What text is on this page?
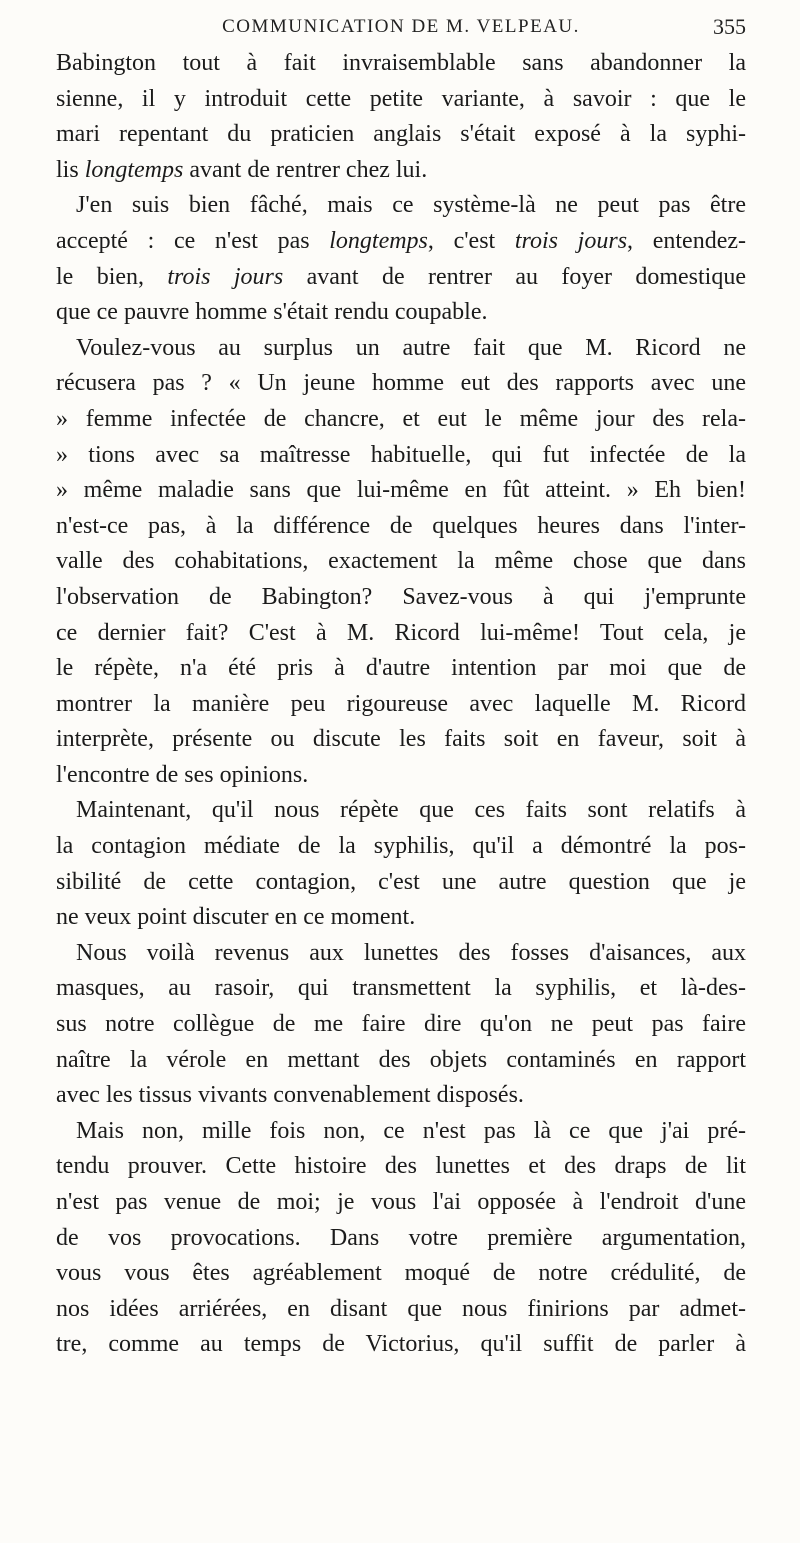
COMMUNICATION DE M. VELPEAU.	355
Babington tout à fait invraisemblable sans abandonner la
sienne, il y introduit cette petite variante, à savoir : que le
mari repentant du praticien anglais s'était exposé à la syphi-
lis longtemps avant de rentrer chez lui.
J'en suis bien fâché, mais ce système-là ne peut pas être
accepté : ce n'est pas longtemps, c'est trois jours, entendez-
le bien, trois jours avant de rentrer au foyer domestique
que ce pauvre homme s'était rendu coupable.
Voulez-vous au surplus un autre fait que M. Ricord ne
récusera pas ? « Un jeune homme eut des rapports avec une
» femme infectée de chancre, et eut le même jour des rela-
» tions avec sa maîtresse habituelle, qui fut infectée de la
» même maladie sans que lui-même en fût atteint. » Eh bien!
n'est-ce pas, à la différence de quelques heures dans l'inter-
valle des cohabitations, exactement la même chose que dans
l'observation de Babington? Savez-vous à qui j'emprunte
ce dernier fait? C'est à M. Ricord lui-même! Tout cela, je
le répète, n'a été pris à d'autre intention par moi que de
montrer la manière peu rigoureuse avec laquelle M. Ricord
interprète, présente ou discute les faits soit en faveur, soit à
l'encontre de ses opinions.
Maintenant, qu'il nous répète que ces faits sont relatifs à
la contagion médiate de la syphilis, qu'il a démontré la pos-
sibilité de cette contagion, c'est une autre question que je
ne veux point discuter en ce moment.
Nous voilà revenus aux lunettes des fosses d'aisances, aux
masques, au rasoir, qui transmettent la syphilis, et là-des-
sus notre collègue de me faire dire qu'on ne peut pas faire
naître la vérole en mettant des objets contaminés en rapport
avec les tissus vivants convenablement disposés.
Mais non, mille fois non, ce n'est pas là ce que j'ai pré-
tendu prouver. Cette histoire des lunettes et des draps de lit
n'est pas venue de moi; je vous l'ai opposée à l'endroit d'une
de vos provocations. Dans votre première argumentation,
vous vous êtes agréablement moqué de notre crédulité, de
nos idées arriérées, en disant que nous finirions par admet-
tre, comme au temps de Victorius, qu'il suffit de parler à
